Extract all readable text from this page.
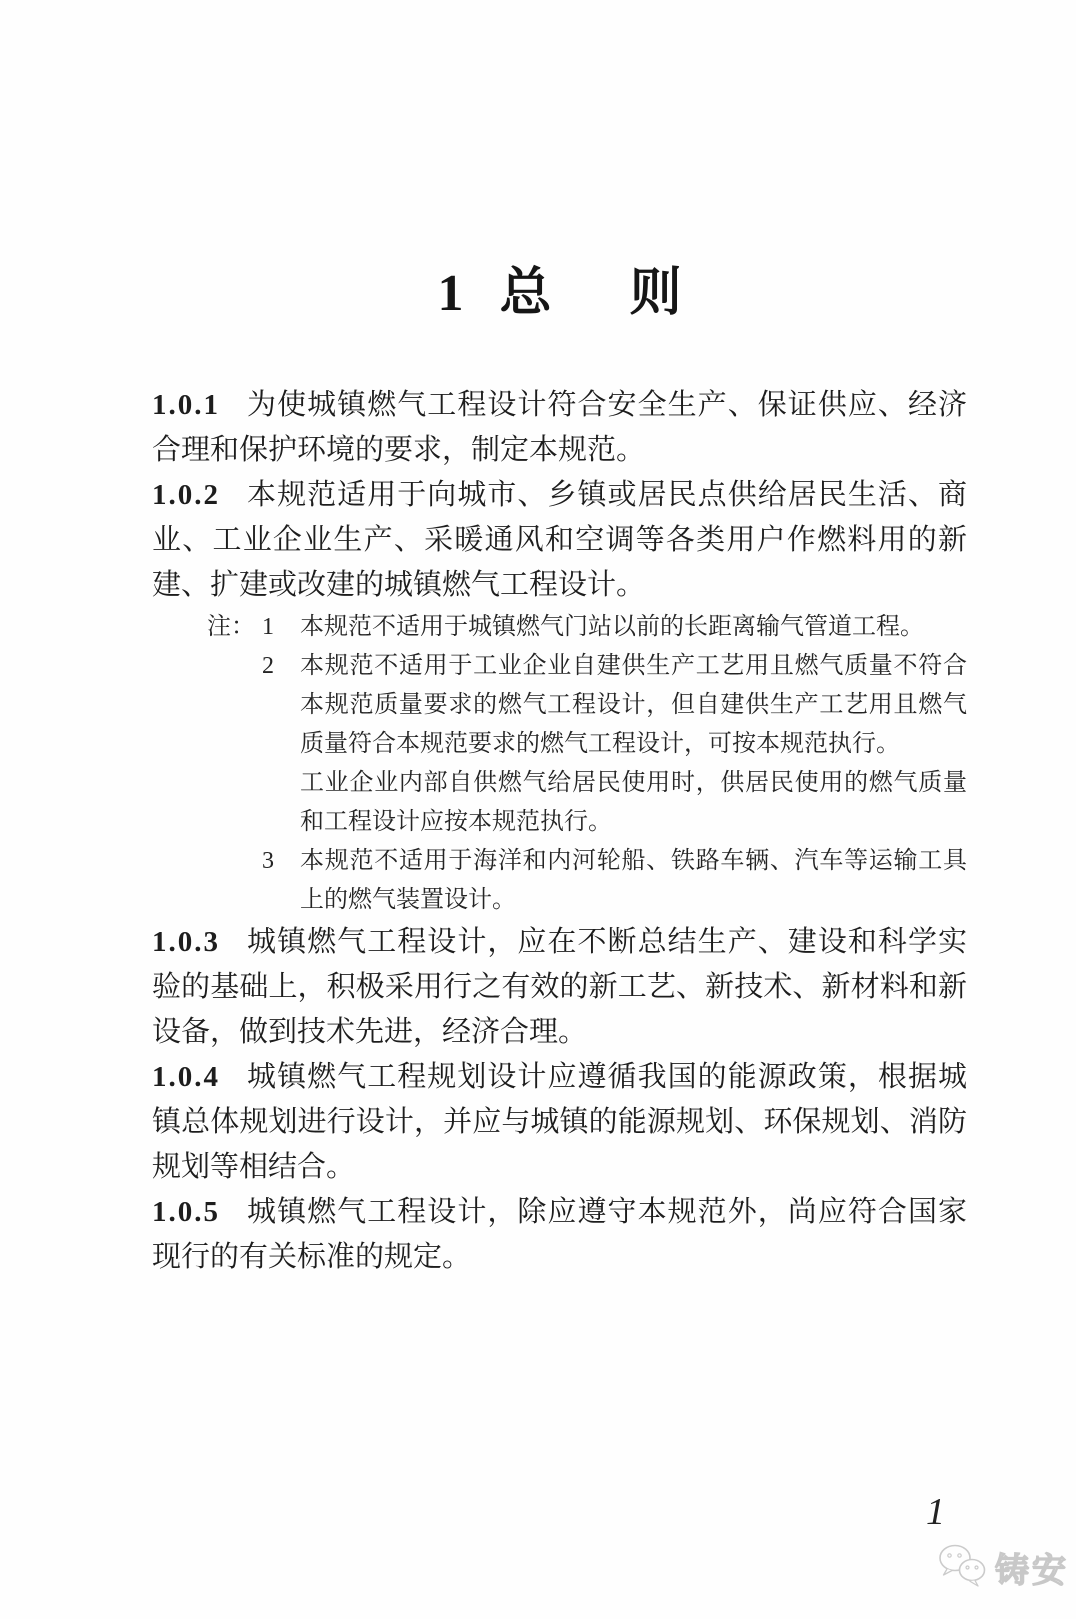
1 总 则
1.0.1 为使城镇燃气工程设计符合安全生产、保证供应、经济
合理和保护环境的要求，制定本规范。
1.0.2 本规范适用于向城市、乡镇或居民点供给居民生活、商
业、工业企业生产、采暖通风和空调等各类用户作燃料用的新
建、扩建或改建的城镇燃气工程设计。
注： 1 本规范不适用于城镇燃气门站以前的长距离输气管道工程。
2 本规范不适用于工业企业自建供生产工艺用且燃气质量不符合
本规范质量要求的燃气工程设计，但自建供生产工艺用且燃气
质量符合本规范要求的燃气工程设计，可按本规范执行。
工业企业内部自供燃气给居民使用时，供居民使用的燃气质量
和工程设计应按本规范执行。
3 本规范不适用于海洋和内河轮船、铁路车辆、汽车等运输工具
上的燃气装置设计。
1.0.3 城镇燃气工程设计，应在不断总结生产、建设和科学实
验的基础上，积极采用行之有效的新工艺、新技术、新材料和新
设备，做到技术先进，经济合理。
1.0.4 城镇燃气工程规划设计应遵循我国的能源政策，根据城
镇总体规划进行设计，并应与城镇的能源规划、环保规划、消防
规划等相结合。
1.0.5 城镇燃气工程设计，除应遵守本规范外，尚应符合国家
现行的有关标准的规定。
1
铸安
